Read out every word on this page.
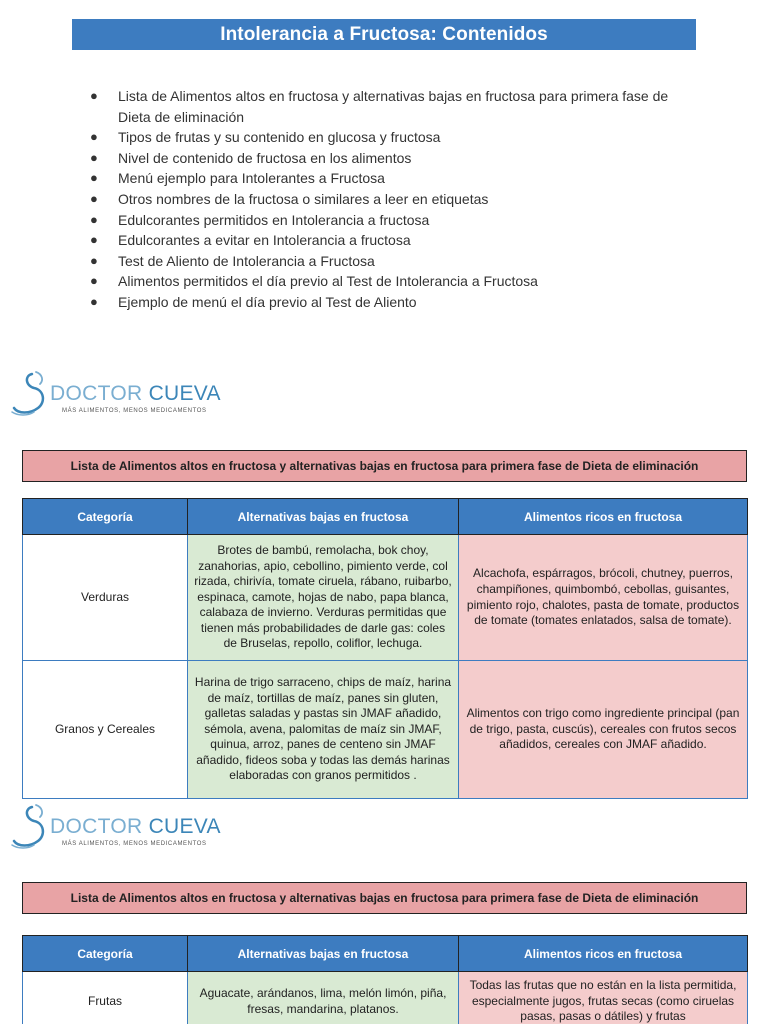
Intolerancia a Fructosa: Contenidos
● Lista de Alimentos altos en fructosa y alternativas bajas en fructosa para primera fase de Dieta de eliminación
● Tipos de frutas y su contenido en glucosa y fructosa
● Nivel de contenido de fructosa en los alimentos
● Menú ejemplo para Intolerantes a Fructosa
● Otros nombres de la fructosa o similares a leer en etiquetas
● Edulcorantes permitidos en Intolerancia a fructosa
● Edulcorantes a evitar en Intolerancia a fructosa
● Test de Aliento de Intolerancia a Fructosa
● Alimentos permitidos el día previo al Test de Intolerancia a Fructosa
● Ejemplo de menú el día previo al Test de Aliento
DOCTOR CUEVA
MÁS ALIMENTOS, MENOS MEDICAMENTOS
Lista de Alimentos altos en fructosa y alternativas bajas en fructosa para primera fase de Dieta de eliminación
Categoría	Alternativas bajas en fructosa	Alimentos ricos en fructosa
Verduras	Brotes de bambú, remolacha, bok choy, zanahorias, apio, cebollino, pimiento verde, col rizada, chirivía, tomate ciruela, rábano, ruibarbo, espinaca, camote, hojas de nabo, papa blanca, calabaza de invierno. Verduras permitidas que tienen más probabilidades de darle gas: coles de Bruselas, repollo, coliflor, lechuga.	Alcachofa, espárragos, brócoli, chutney, puerros, champiñones, quimbombó, cebollas, guisantes, pimiento rojo, chalotes, pasta de tomate, productos de tomate (tomates enlatados, salsa de tomate).
Granos y Cereales	Harina de trigo sarraceno, chips de maíz, harina de maíz, tortillas de maíz, panes sin gluten, galletas saladas y pastas sin JMAF añadido, sémola, avena, palomitas de maíz sin JMAF, quinua, arroz, panes de centeno sin JMAF añadido, fideos soba y todas las demás harinas elaboradas con granos permitidos .	Alimentos con trigo como ingrediente principal (pan de trigo, pasta, cuscús), cereales con frutos secos añadidos, cereales con JMAF añadido.
DOCTOR CUEVA
MÁS ALIMENTOS, MENOS MEDICAMENTOS
Lista de Alimentos altos en fructosa y alternativas bajas en fructosa para primera fase de Dieta de eliminación
Categoría	Alternativas bajas en fructosa	Alimentos ricos en fructosa
Frutas	Aguacate, arándanos, lima, melón limón, piña, fresas, mandarina, platanos.	Todas las frutas que no están en la lista permitida, especialmente jugos, frutas secas (como ciruelas pasas, pasas o dátiles) y frutas
